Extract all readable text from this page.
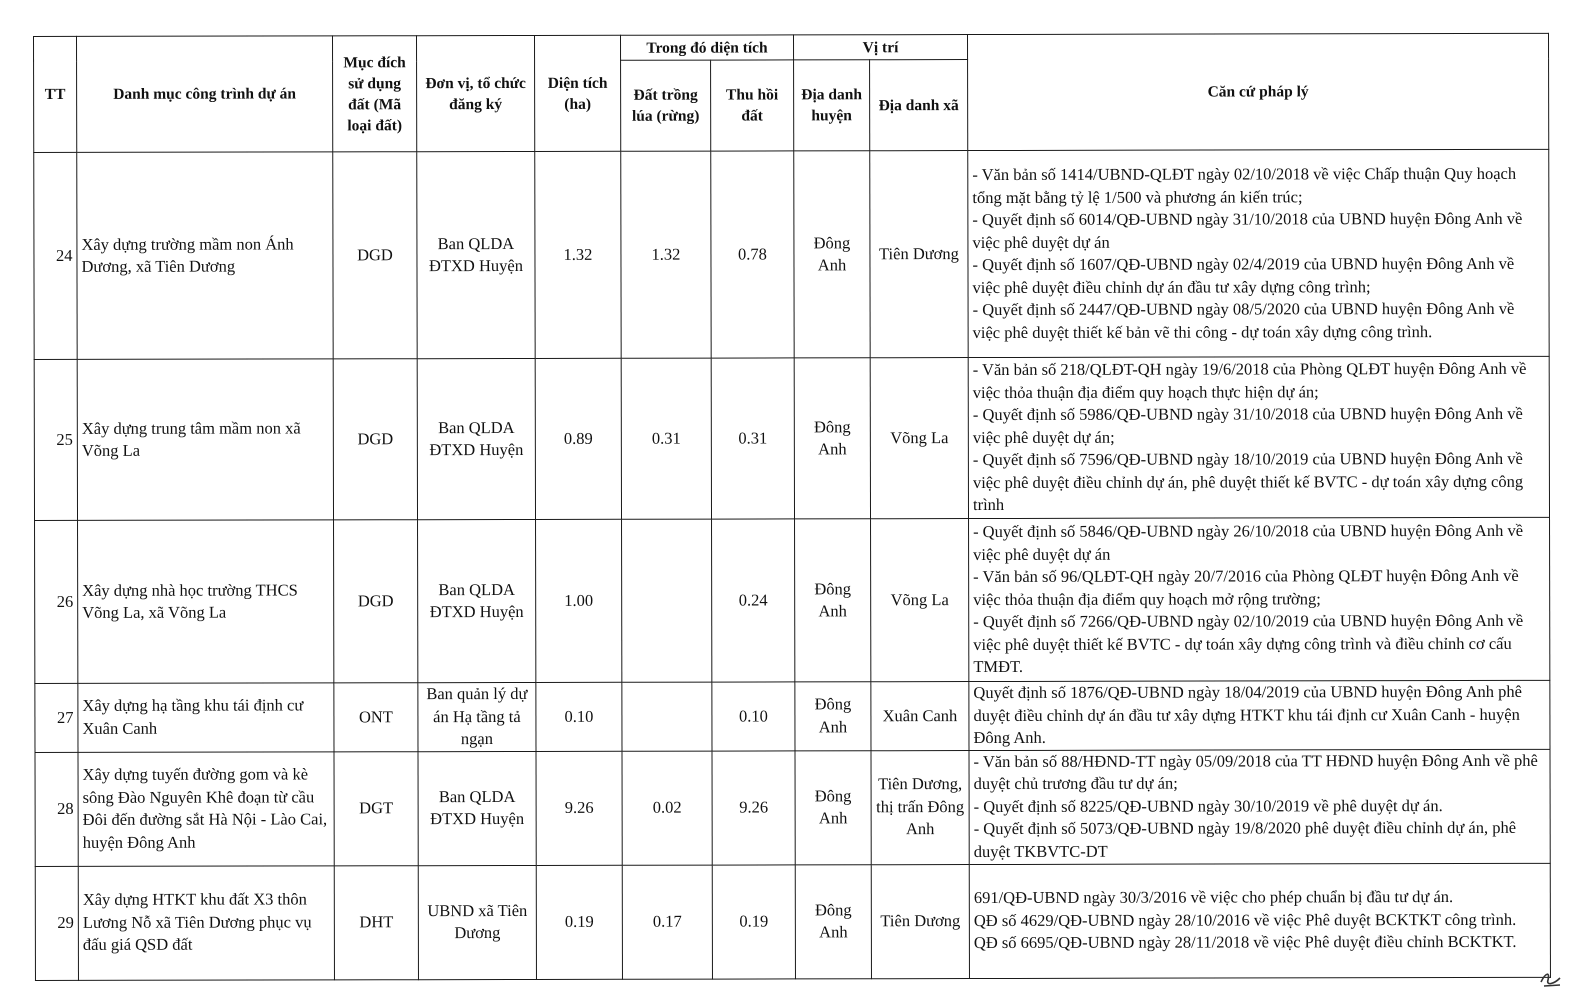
TT	Danh mục công trình dự án	Mục đích sử dụng đất (Mã loại đất)	Đơn vị, tổ chức đăng ký	Diện tích (ha)	Trong đó diện tích		Vị trí		Căn cứ pháp lý
					Đất trồng lúa (rừng)	Thu hồi đất	Địa danh huyện	Địa danh xã	
24	Xây dựng trường mầm non Ánh Dương, xã Tiên Dương	DGD	Ban QLDA ĐTXD Huyện	1.32	1.32	0.78	Đông Anh	Tiên Dương	- Văn bản số 1414/UBND-QLĐT ngày 02/10/2018 về việc Chấp thuận Quy hoạch tổng mặt bằng tỷ lệ 1/500 và phương án kiến trúc;
- Quyết định số 6014/QĐ-UBND ngày 31/10/2018 của UBND huyện Đông Anh về việc phê duyệt dự án
- Quyết định số 1607/QĐ-UBND ngày 02/4/2019 của UBND huyện Đông Anh về việc phê duyệt điều chỉnh dự án đầu tư xây dựng công trình;
- Quyết định số 2447/QĐ-UBND ngày 08/5/2020 của UBND huyện Đông Anh về việc phê duyệt thiết kế bản vẽ thi công - dự toán xây dựng công trình.

25	Xây dựng trung tâm mầm non xã Võng La	DGD	Ban QLDA ĐTXD Huyện	0.89	0.31	0.31	Đông Anh	Võng La	- Văn bản số 218/QLĐT-QH ngày 19/6/2018 của Phòng QLĐT huyện Đông Anh về việc thỏa thuận địa điểm quy hoạch thực hiện dự án;
- Quyết định số 5986/QĐ-UBND ngày 31/10/2018 của UBND huyện Đông Anh về việc phê duyệt dự án;
- Quyết định số 7596/QĐ-UBND ngày 18/10/2019 của UBND huyện Đông Anh về việc phê duyệt điều chỉnh dự án, phê duyệt thiết kế BVTC - dự toán xây dựng công trình

26	Xây dựng nhà học trường THCS Võng La, xã Võng La	DGD	Ban QLDA ĐTXD Huyện	1.00		0.24	Đông Anh	Võng La	- Quyết định số 5846/QĐ-UBND ngày 26/10/2018 của UBND huyện Đông Anh về việc phê duyệt dự án
- Văn bản số 96/QLĐT-QH ngày 20/7/2016 của Phòng QLĐT huyện Đông Anh về việc thỏa thuận địa điểm quy hoạch mở rộng trường;
- Quyết định số 7266/QĐ-UBND ngày 02/10/2019 của UBND huyện Đông Anh về việc phê duyệt thiết kế BVTC - dự toán xây dựng công trình và điều chỉnh cơ cấu TMĐT.

27	Xây dựng hạ tầng khu tái định cư Xuân Canh	ONT	Ban quản lý dự án Hạ tầng tả ngạn	0.10		0.10	Đông Anh	Xuân Canh	Quyết định số 1876/QĐ-UBND ngày 18/04/2019 của UBND huyện Đông Anh phê duyệt điều chỉnh dự án đầu tư xây dựng HTKT khu tái định cư Xuân Canh - huyện Đông Anh.

28	Xây dựng tuyến đường gom và kè sông Đào Nguyên Khê đoạn từ cầu Đôi đến đường sắt Hà Nội - Lào Cai, huyện Đông Anh	DGT	Ban QLDA ĐTXD Huyện	9.26	0.02	9.26	Đông Anh	Tiên Dương, thị trấn Đông Anh	- Văn bản số 88/HĐND-TT ngày 05/09/2018 của TT HĐND huyện Đông Anh về phê duyệt chủ trương đầu tư dự án;
- Quyết định số 8225/QĐ-UBND ngày 30/10/2019 về phê duyệt dự án.
- Quyết định số 5073/QĐ-UBND ngày 19/8/2020 phê duyệt điều chỉnh dự án, phê duyệt TKBVTC-DT

29	Xây dựng HTKT khu đất X3 thôn Lương Nỗ xã Tiên Dương phục vụ đấu giá QSD đất	DHT	UBND xã Tiên Dương	0.19	0.17	0.19	Đông Anh	Tiên Dương	691/QĐ-UBND ngày 30/3/2016 về việc cho phép chuẩn bị đầu tư dự án.
QĐ số 4629/QĐ-UBND ngày 28/10/2016 về việc Phê duyệt BCKTKT công trình.
QĐ số 6695/QĐ-UBND ngày 28/11/2018 về việc Phê duyệt điều chỉnh BCKTKT.
